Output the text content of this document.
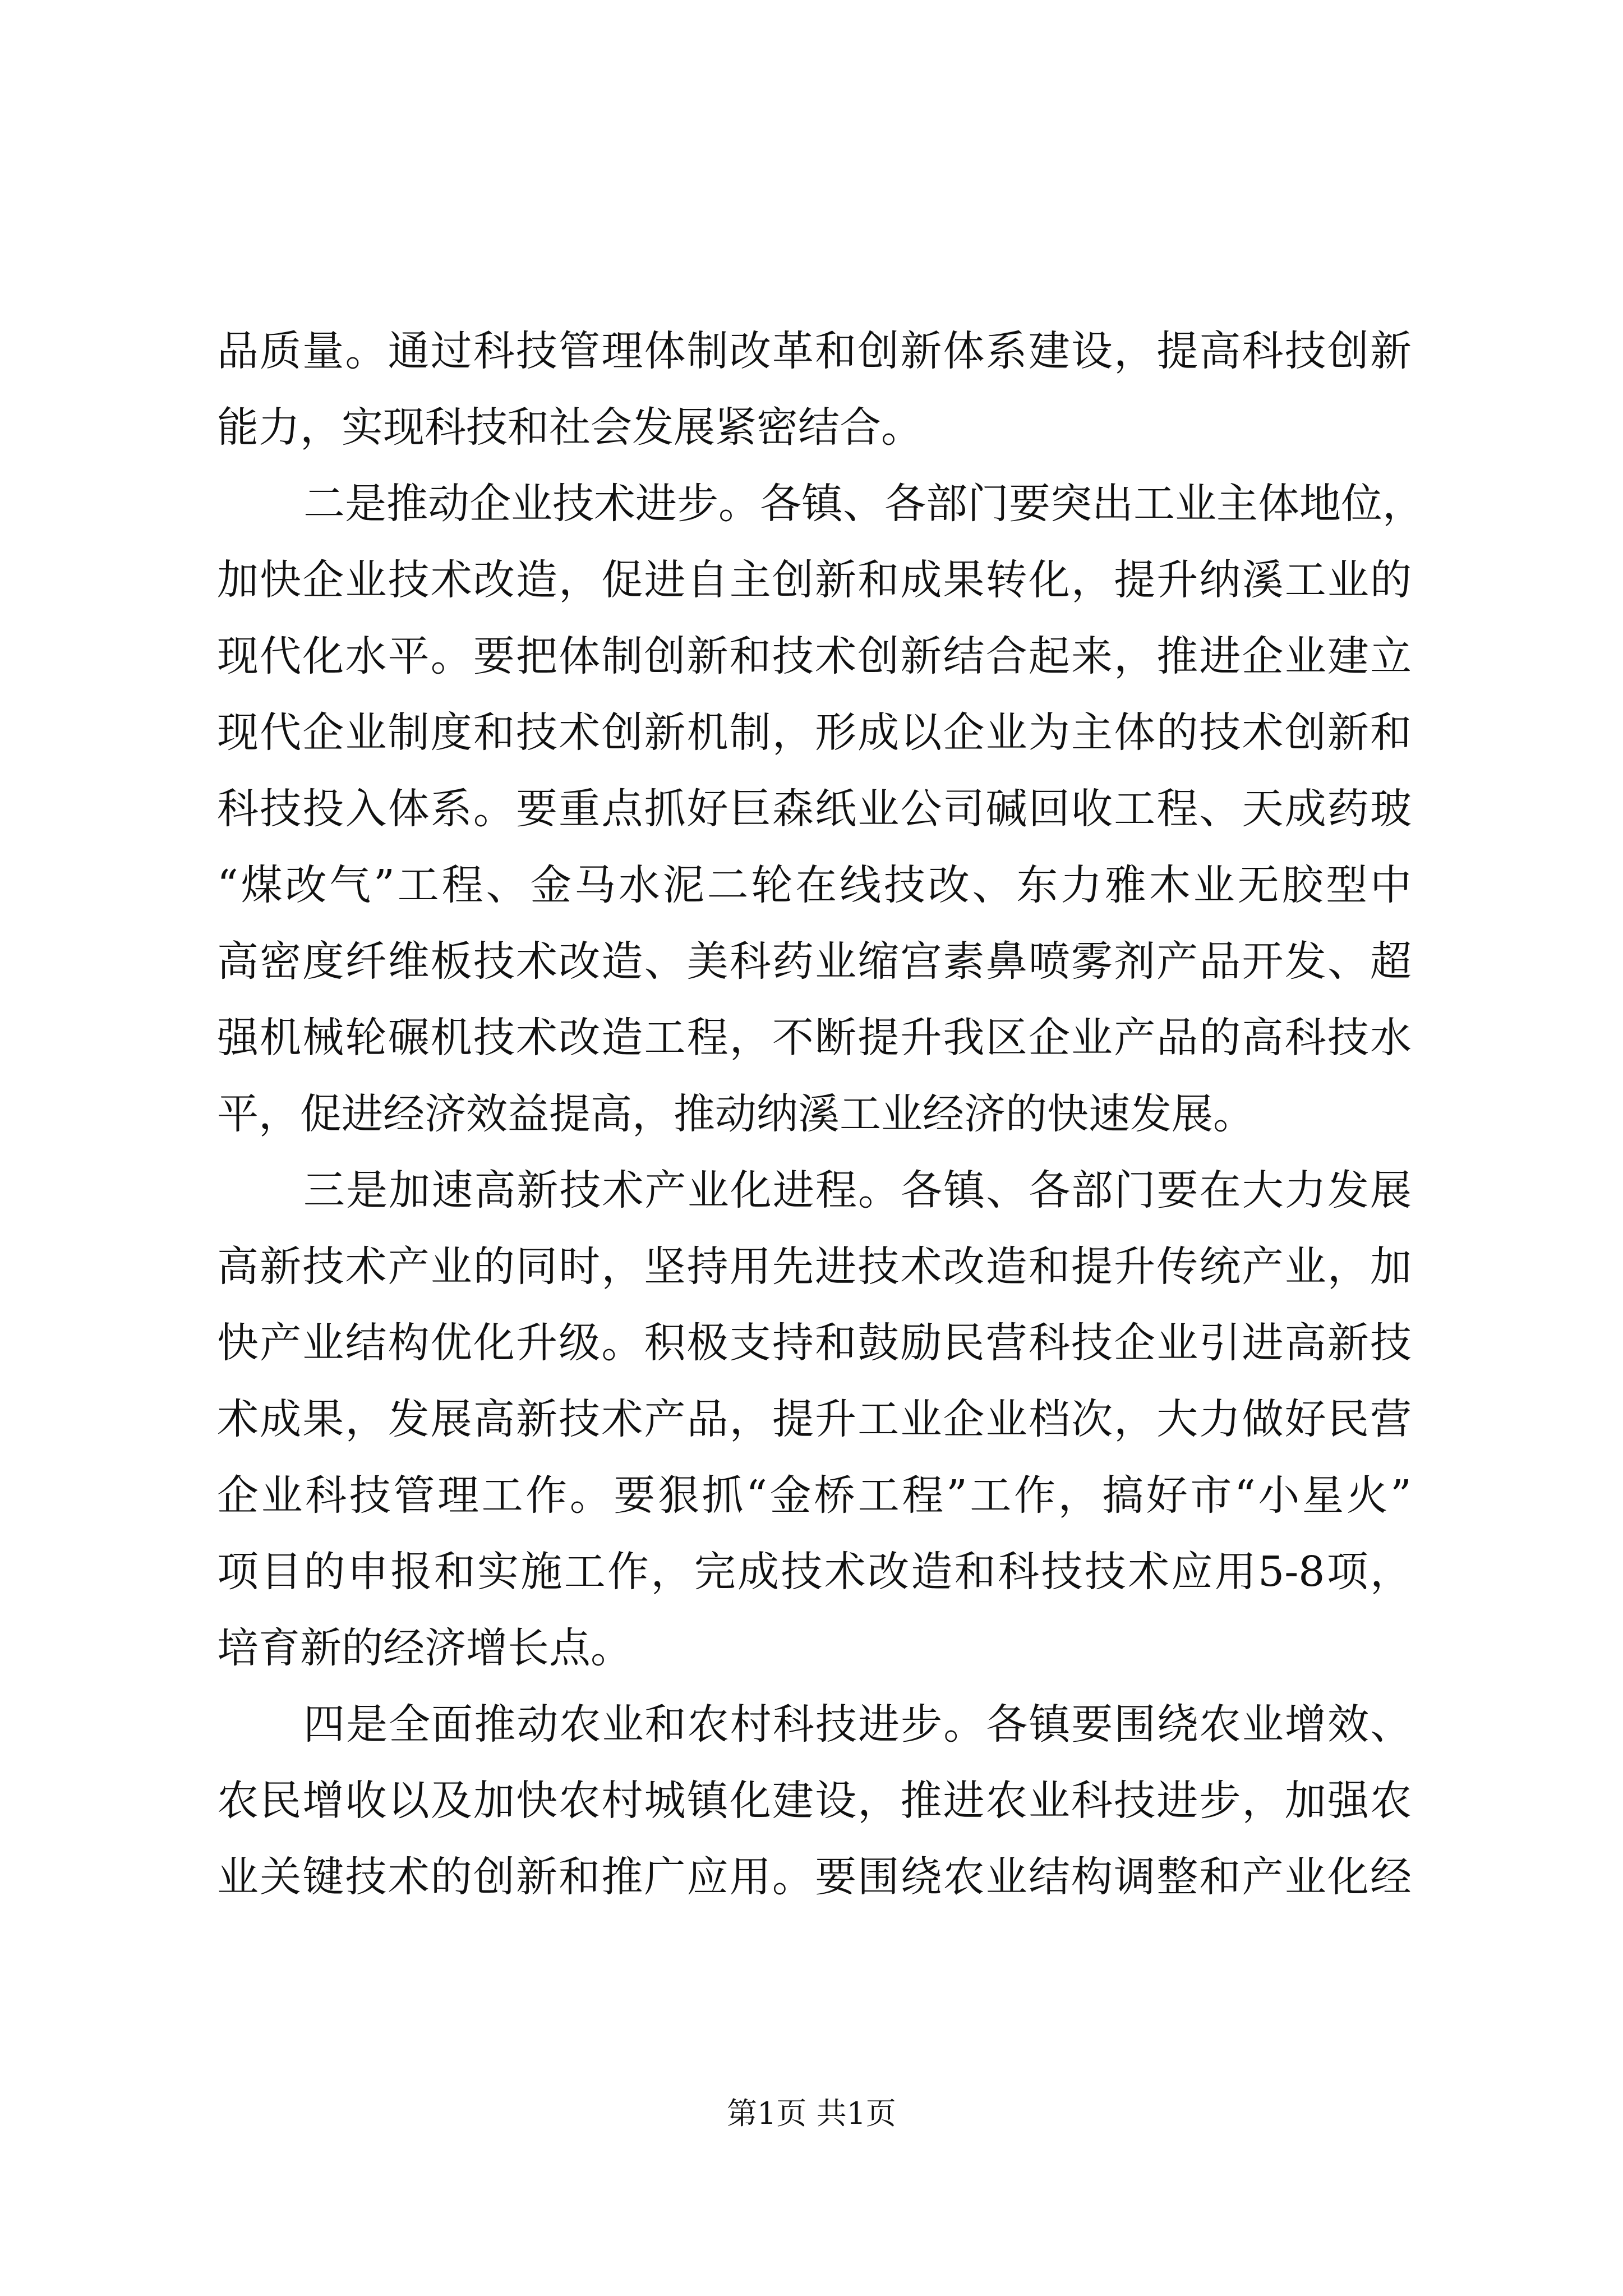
品质量。通过科技管理体制改革和创新体系建设，提高科技创新
能力，实现科技和社会发展紧密结合。
二是推动企业技术进步。各镇、各部门要突出工业主体地位，
加快企业技术改造，促进自主创新和成果转化，提升纳溪工业的
现代化水平。要把体制创新和技术创新结合起来，推进企业建立
现代企业制度和技术创新机制，形成以企业为主体的技术创新和
科技投入体系。要重点抓好巨森纸业公司碱回收工程、天成药玻
“煤改气”工程、金马水泥二轮在线技改、东力雅木业无胶型中
高密度纤维板技术改造、美科药业缩宫素鼻喷雾剂产品开发、超
强机械轮碾机技术改造工程，不断提升我区企业产品的高科技水
平，促进经济效益提高，推动纳溪工业经济的快速发展。
三是加速高新技术产业化进程。各镇、各部门要在大力发展
高新技术产业的同时，坚持用先进技术改造和提升传统产业，加
快产业结构优化升级。积极支持和鼓励民营科技企业引进高新技
术成果，发展高新技术产品，提升工业企业档次，大力做好民营
企业科技管理工作。要狠抓“金桥工程”工作，搞好市“小星火”
项目的申报和实施工作，完成技术改造和科技技术应用5-8项，
培育新的经济增长点。
四是全面推动农业和农村科技进步。各镇要围绕农业增效、
农民增收以及加快农村城镇化建设，推进农业科技进步，加强农
业关键技术的创新和推广应用。要围绕农业结构调整和产业化经
第1页 共1页
